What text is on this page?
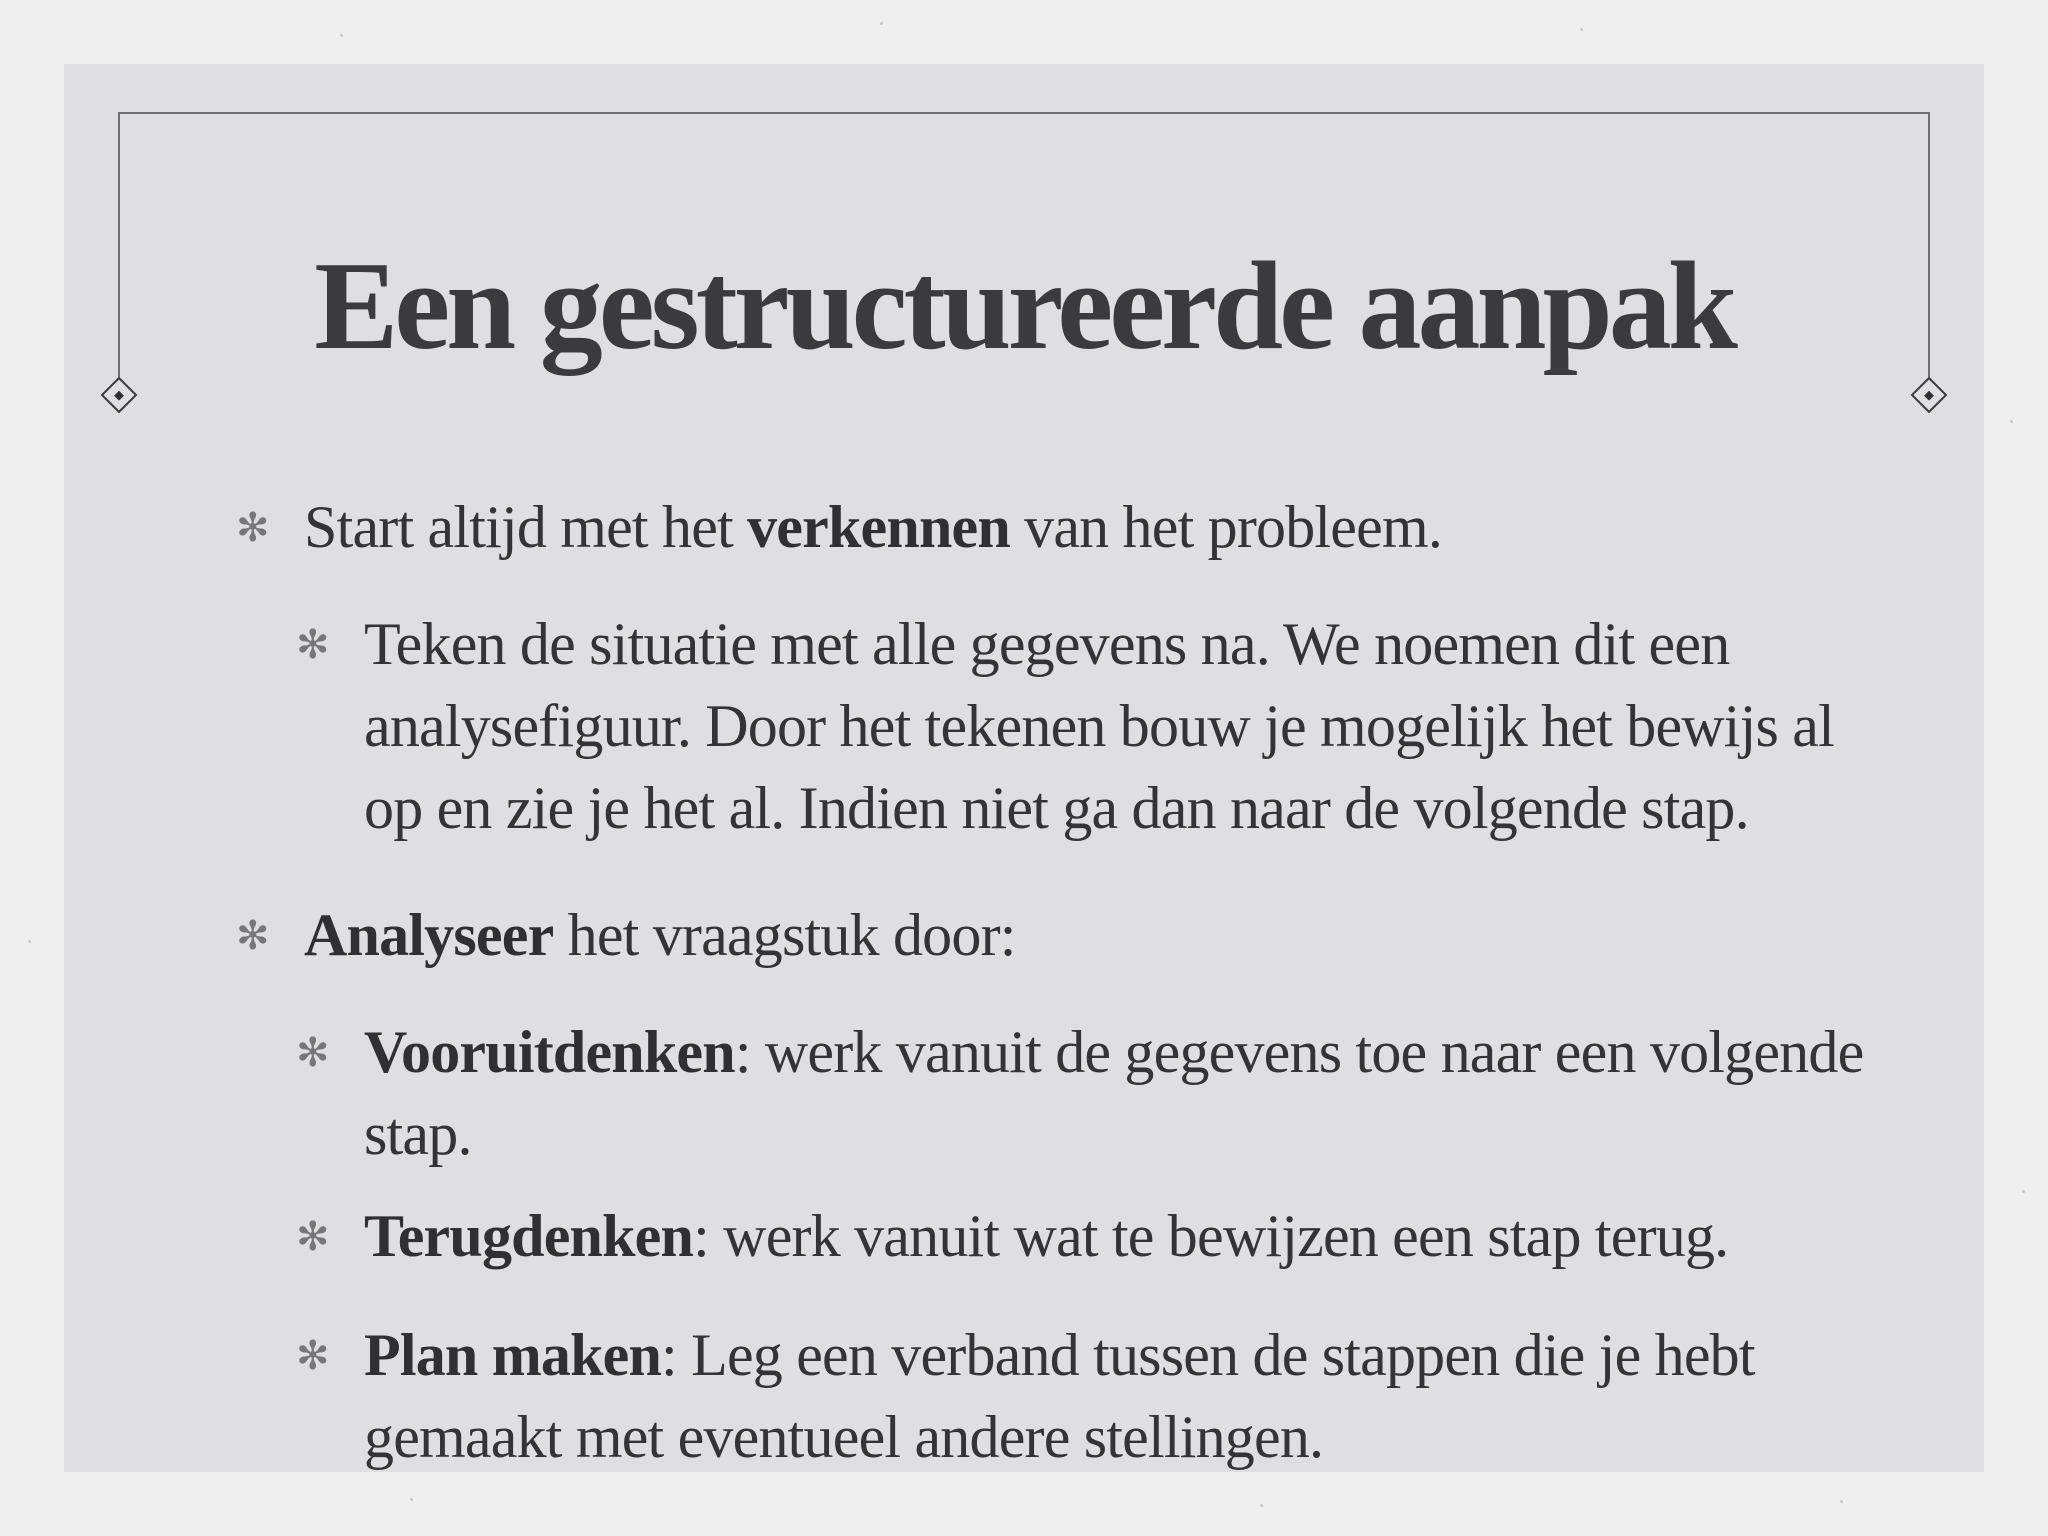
Een gestructureerde aanpak
✻ Start altijd met het verkennen van het probleem.
✻ Teken de situatie met alle gegevens na. We noemen dit een analysefiguur. Door het tekenen bouw je mogelijk het bewijs al op en zie je het al. Indien niet ga dan naar de volgende stap.
✻ Analyseer het vraagstuk door:
✻ Vooruitdenken: werk vanuit de gegevens toe naar een volgende stap.
✻ Terugdenken: werk vanuit wat te bewijzen een stap terug.
✻ Plan maken: Leg een verband tussen de stappen die je hebt gemaakt met eventueel andere stellingen.
